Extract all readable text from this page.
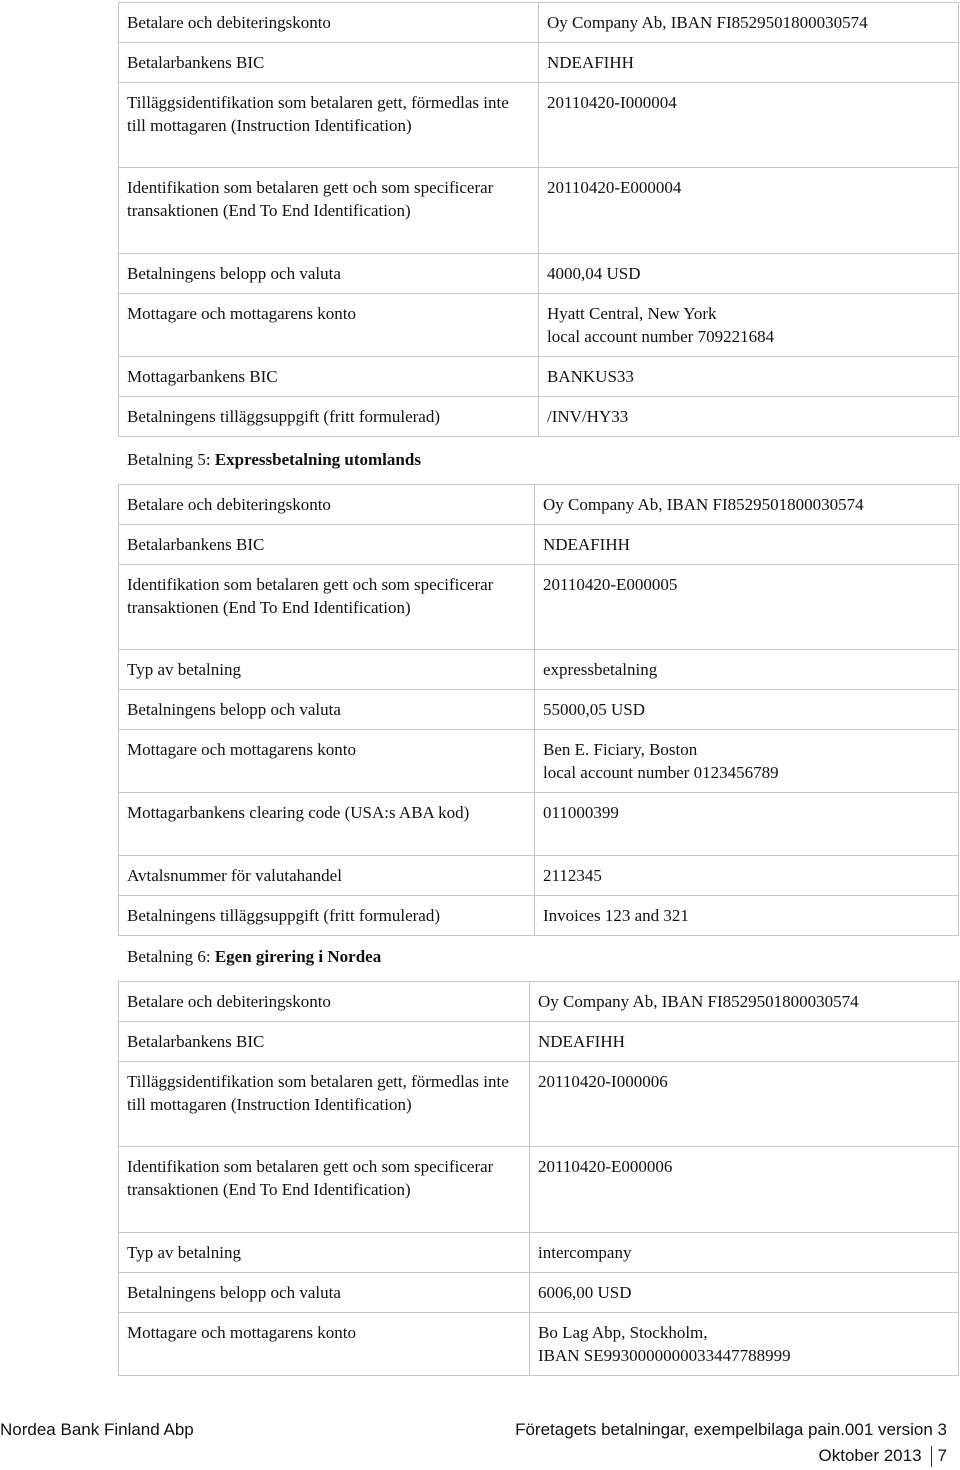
Betalare och debiteringskonto	Oy Company Ab, IBAN FI8529501800030574
Betalarbankens BIC	NDEAFIHH
Tilläggsidentifikation som betalaren gett, förmedlas inte till mottagaren (Instruction Identification)	20110420-I000004
Identifikation som betalaren gett och som specificerar transaktionen (End To End Identification)	20110420-E000004
Betalningens belopp och valuta	4000,04 USD
Mottagare och mottagarens konto	Hyatt Central, New York
local account number 709221684
Mottagarbankens BIC	BANKUS33
Betalningens tilläggsuppgift (fritt formulerad)	/INV/HY33
Betalning 5: Expressbetalning utomlands
Betalare och debiteringskonto	Oy Company Ab, IBAN FI8529501800030574
Betalarbankens BIC	NDEAFIHH
Identifikation som betalaren gett och som specificerar transaktionen (End To End Identification)	20110420-E000005
Typ av betalning	expressbetalning
Betalningens belopp och valuta	55000,05 USD
Mottagare och mottagarens konto	Ben E. Ficiary, Boston
local account number 0123456789
Mottagarbankens clearing code (USA:s ABA kod)	011000399
Avtalsnummer för valutahandel	2112345
Betalningens tilläggsuppgift (fritt formulerad)	Invoices 123 and 321
Betalning 6: Egen girering i Nordea
Betalare och debiteringskonto	Oy Company Ab, IBAN FI8529501800030574
Betalarbankens BIC	NDEAFIHH
Tilläggsidentifikation som betalaren gett, förmedlas inte till mottagaren (Instruction Identification)	20110420-I000006
Identifikation som betalaren gett och som specificerar transaktionen (End To End Identification)	20110420-E000006
Typ av betalning	intercompany
Betalningens belopp och valuta	6006,00 USD
Mottagare och mottagarens konto	Bo Lag Abp, Stockholm,
IBAN SE9930000000033447788999
Nordea Bank Finland Abp	Företagets betalningar, exempelbilaga pain.001 version 3
Oktober 2013 7
